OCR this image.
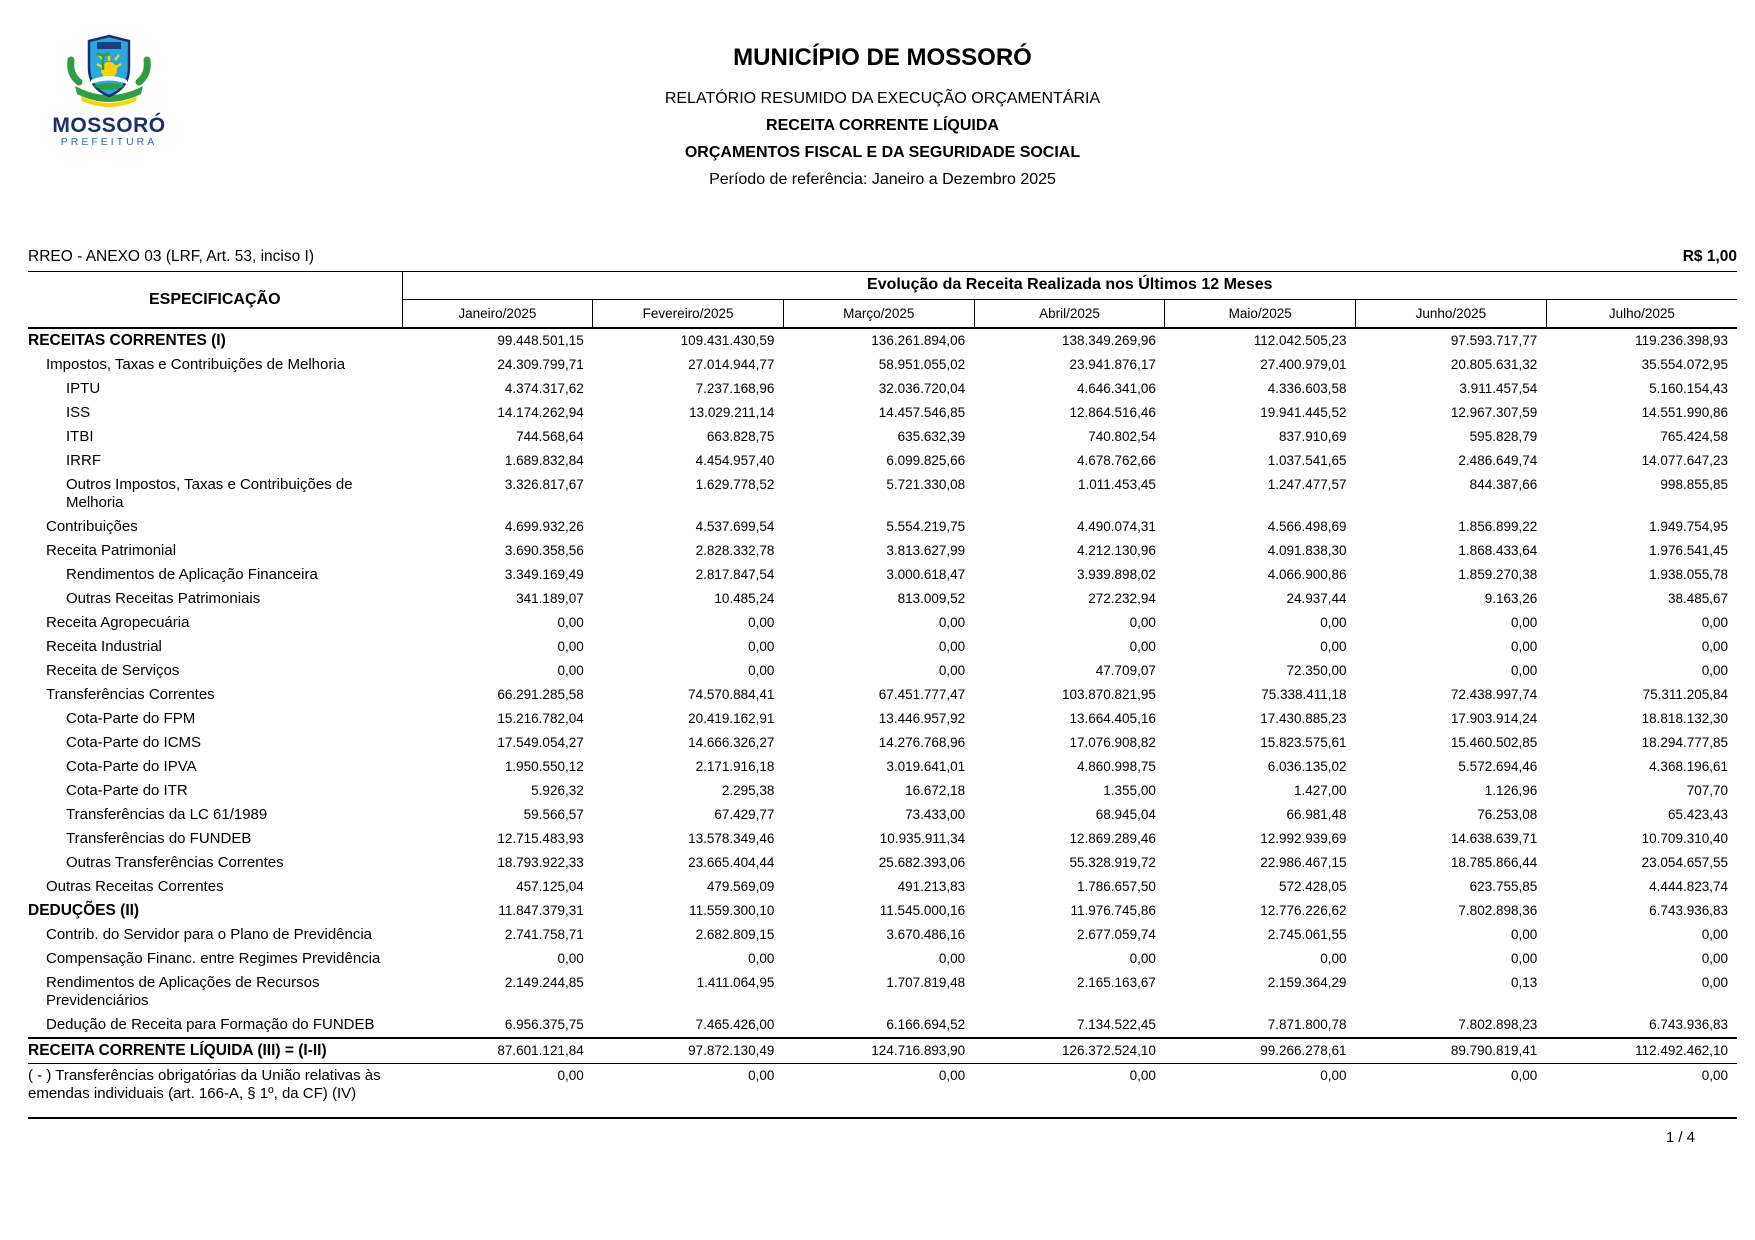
MOSSORÓ
PREFEITURA
MUNICÍPIO DE MOSSORÓ
RELATÓRIO RESUMIDO DA EXECUÇÃO ORÇAMENTÁRIA
RECEITA CORRENTE LÍQUIDA
ORÇAMENTOS FISCAL E DA SEGURIDADE SOCIAL
Período de referência: Janeiro a Dezembro 2025
RREO - ANEXO 03 (LRF, Art. 53, inciso I)	R$ 1,00
ESPECIFICAÇÃO	Evolução da Receita Realizada nos Últimos 12 Meses						
	Janeiro/2025	Fevereiro/2025	Março/2025	Abril/2025	Maio/2025	Junho/2025	Julho/2025
RECEITAS CORRENTES (I)	99.448.501,15	109.431.430,59	136.261.894,06	138.349.269,96	112.042.505,23	97.593.717,77	119.236.398,93
Impostos, Taxas e Contribuições de Melhoria	24.309.799,71	27.014.944,77	58.951.055,02	23.941.876,17	27.400.979,01	20.805.631,32	35.554.072,95
IPTU	4.374.317,62	7.237.168,96	32.036.720,04	4.646.341,06	4.336.603,58	3.911.457,54	5.160.154,43
ISS	14.174.262,94	13.029.211,14	14.457.546,85	12.864.516,46	19.941.445,52	12.967.307,59	14.551.990,86
ITBI	744.568,64	663.828,75	635.632,39	740.802,54	837.910,69	595.828,79	765.424,58
IRRF	1.689.832,84	4.454.957,40	6.099.825,66	4.678.762,66	1.037.541,65	2.486.649,74	14.077.647,23
Outros Impostos, Taxas e Contribuições de Melhoria	3.326.817,67	1.629.778,52	5.721.330,08	1.011.453,45	1.247.477,57	844.387,66	998.855,85
Contribuições	4.699.932,26	4.537.699,54	5.554.219,75	4.490.074,31	4.566.498,69	1.856.899,22	1.949.754,95
Receita Patrimonial	3.690.358,56	2.828.332,78	3.813.627,99	4.212.130,96	4.091.838,30	1.868.433,64	1.976.541,45
Rendimentos de Aplicação Financeira	3.349.169,49	2.817.847,54	3.000.618,47	3.939.898,02	4.066.900,86	1.859.270,38	1.938.055,78
Outras Receitas Patrimoniais	341.189,07	10.485,24	813.009,52	272.232,94	24.937,44	9.163,26	38.485,67
Receita Agropecuária	0,00	0,00	0,00	0,00	0,00	0,00	0,00
Receita Industrial	0,00	0,00	0,00	0,00	0,00	0,00	0,00
Receita de Serviços	0,00	0,00	0,00	47.709,07	72.350,00	0,00	0,00
Transferências Correntes	66.291.285,58	74.570.884,41	67.451.777,47	103.870.821,95	75.338.411,18	72.438.997,74	75.311.205,84
Cota-Parte do FPM	15.216.782,04	20.419.162,91	13.446.957,92	13.664.405,16	17.430.885,23	17.903.914,24	18.818.132,30
Cota-Parte do ICMS	17.549.054,27	14.666.326,27	14.276.768,96	17.076.908,82	15.823.575,61	15.460.502,85	18.294.777,85
Cota-Parte do IPVA	1.950.550,12	2.171.916,18	3.019.641,01	4.860.998,75	6.036.135,02	5.572.694,46	4.368.196,61
Cota-Parte do ITR	5.926,32	2.295,38	16.672,18	1.355,00	1.427,00	1.126,96	707,70
Transferências da LC 61/1989	59.566,57	67.429,77	73.433,00	68.945,04	66.981,48	76.253,08	65.423,43
Transferências do FUNDEB	12.715.483,93	13.578.349,46	10.935.911,34	12.869.289,46	12.992.939,69	14.638.639,71	10.709.310,40
Outras Transferências Correntes	18.793.922,33	23.665.404,44	25.682.393,06	55.328.919,72	22.986.467,15	18.785.866,44	23.054.657,55
Outras Receitas Correntes	457.125,04	479.569,09	491.213,83	1.786.657,50	572.428,05	623.755,85	4.444.823,74
DEDUÇÕES (II)	11.847.379,31	11.559.300,10	11.545.000,16	11.976.745,86	12.776.226,62	7.802.898,36	6.743.936,83
Contrib. do Servidor para o Plano de Previdência	2.741.758,71	2.682.809,15	3.670.486,16	2.677.059,74	2.745.061,55	0,00	0,00
Compensação Financ. entre Regimes Previdência	0,00	0,00	0,00	0,00	0,00	0,00	0,00
Rendimentos de Aplicações de Recursos Previdenciários	2.149.244,85	1.411.064,95	1.707.819,48	2.165.163,67	2.159.364,29	0,13	0,00
Dedução de Receita para Formação do FUNDEB	6.956.375,75	7.465.426,00	6.166.694,52	7.134.522,45	7.871.800,78	7.802.898,23	6.743.936,83
RECEITA CORRENTE LÍQUIDA (III) = (I-II)	87.601.121,84	97.872.130,49	124.716.893,90	126.372.524,10	99.266.278,61	89.790.819,41	112.492.462,10
( - ) Transferências obrigatórias da União relativas às emendas individuais (art. 166-A, § 1º, da CF) (IV)	0,00	0,00	0,00	0,00	0,00	0,00	0,00
1 / 4
